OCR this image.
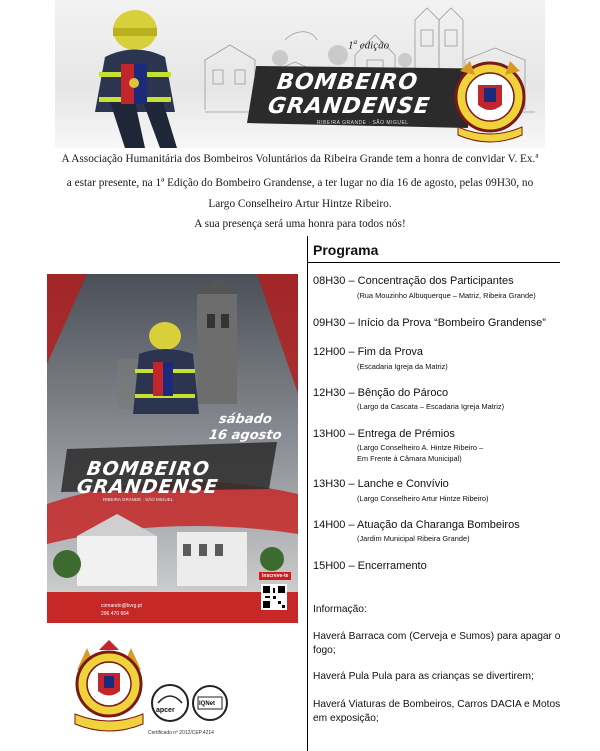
1$^a$ edição
BOMBEIRO
GRANDENSE
RIBEIRA GRANDE · SÃO MIGUEL
A Associação Humanitária dos Bombeiros Voluntários da Ribeira Grande tem a honra de convidar V. Ex.ª
a estar presente, na 1ª Edição do Bombeiro Grandense, a ter lugar no dia 16 de agosto, pelas 09H30, no
Largo Conselheiro Artur Hintze Ribeiro.
A sua presença será uma honra para todos nós!
sábado
16 agosto
BOMBEIRO
GRANDENSE
RIBEIRA GRANDE · SÃO MIGUEL
Inscreve-te
comando@bvrg.pt
296 470 664
Programa
08H30 – Concentração dos Participantes
(Rua Mouzinho Albuquerque – Matriz, Ribeira Grande)
09H30 – Início da Prova “Bombeiro Grandense”
12H00 – Fim da Prova
(Escadaria Igreja da Matriz)
12H30 – Bênção do Pároco
(Largo da Cascata – Escadaria Igreja Matriz)
13H00 – Entrega de Prémios
(Largo Conselheiro A. Hintze Ribeiro –
Em Frente à Câmara Municipal)
13H30 – Lanche e Convívio
(Largo Conselheiro Artur Hintze Ribeiro)
14H00 – Atuação da Charanga Bombeiros
(Jardim Municipal Ribeira Grande)
15H00 – Encerramento
Informação:
Haverá Barraca com (Cerveja e Sumos) para apagar o
fogo;
Haverá Pula Pula para as crianças se divertirem;
Haverá Viaturas de Bombeiros, Carros DACIA e Motos
em exposição;
apcer
IQNet
Certificado nº 2012/CEP.4214
